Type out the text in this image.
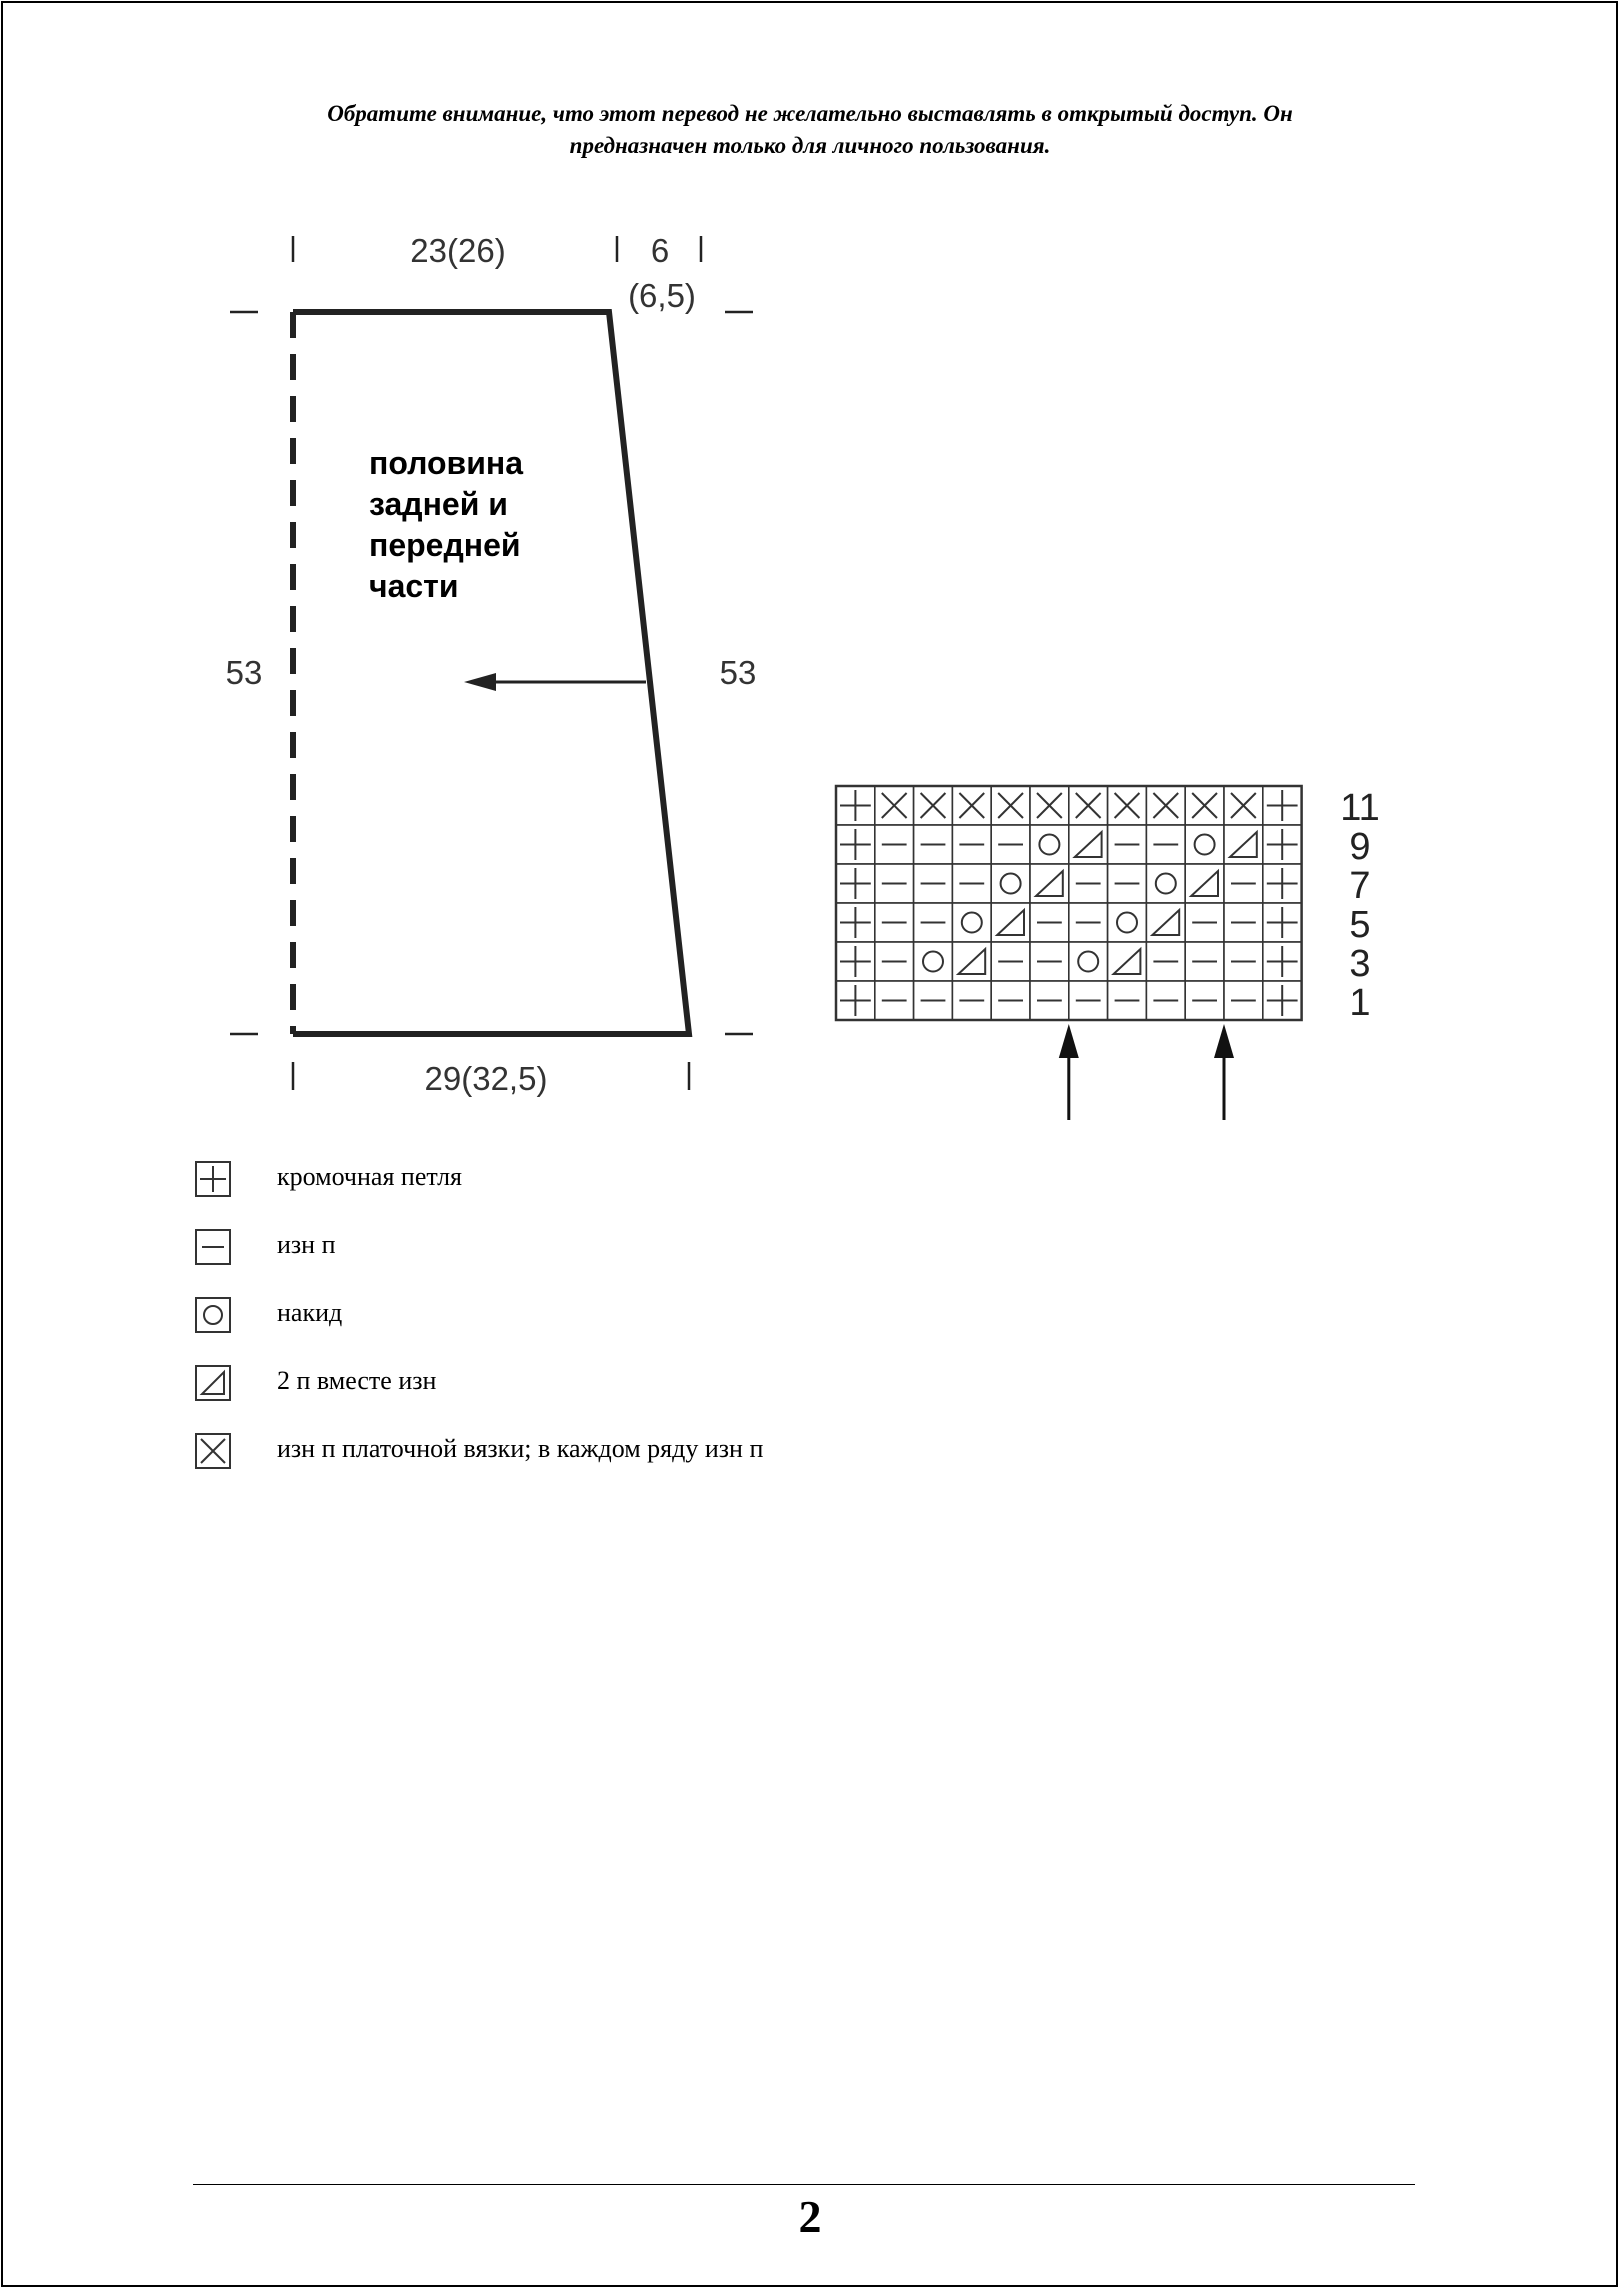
Обратите внимание, что этот перевод не желательно выставлять в открытый доступ. Он
предназначен только для личного пользования.
23(26)	6
(6,5)
53	53
29(32,5)
половина
задней и
передней
части
11
9
7
5
3
1
кромочная петля
изн п
накид
2 п вместе изн
изн п платочной вязки; в каждом ряду изн п
2
